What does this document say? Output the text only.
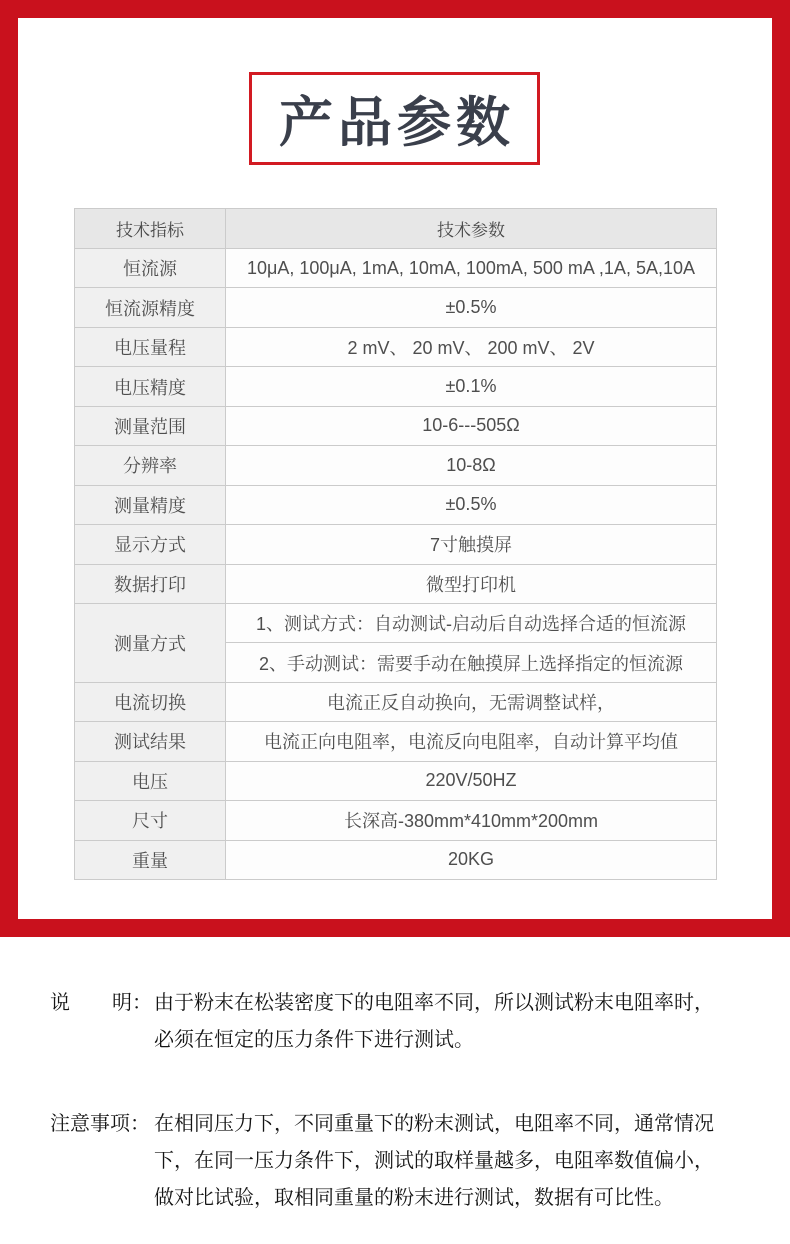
产品参数
技术指标	技术参数
恒流源	10μA, 100μA, 1mA, 10mA, 100mA, 500 mA ,1A, 5A,10A
恒流源精度	±0.5%
电压量程	2 mV、 20 mV、 200 mV、 2V
电压精度	±0.1%
测量范围	10-6---505Ω
分辨率	10-8Ω
测量精度	±0.5%
显示方式	7寸触摸屏
数据打印	微型打印机
测量方式	1、测试方式：自动测试-启动后自动选择合适的恒流源
	2、手动测试：需要手动在触摸屏上选择指定的恒流源
电流切换	电流正反自动换向，无需调整试样，
测试结果	电流正向电阻率，电流反向电阻率，自动计算平均值
电压	220V/50HZ
尺寸	长深高-380mm*410mm*200mm
重量	20KG
说 明： 由于粉末在松装密度下的电阻率不同，所以测试粉末电阻率时，
必须在恒定的压力条件下进行测试。
注意事项： 在相同压力下，不同重量下的粉末测试，电阻率不同，通常情况
下，在同一压力条件下，测试的取样量越多，电阻率数值偏小，
做对比试验，取相同重量的粉末进行测试，数据有可比性。
